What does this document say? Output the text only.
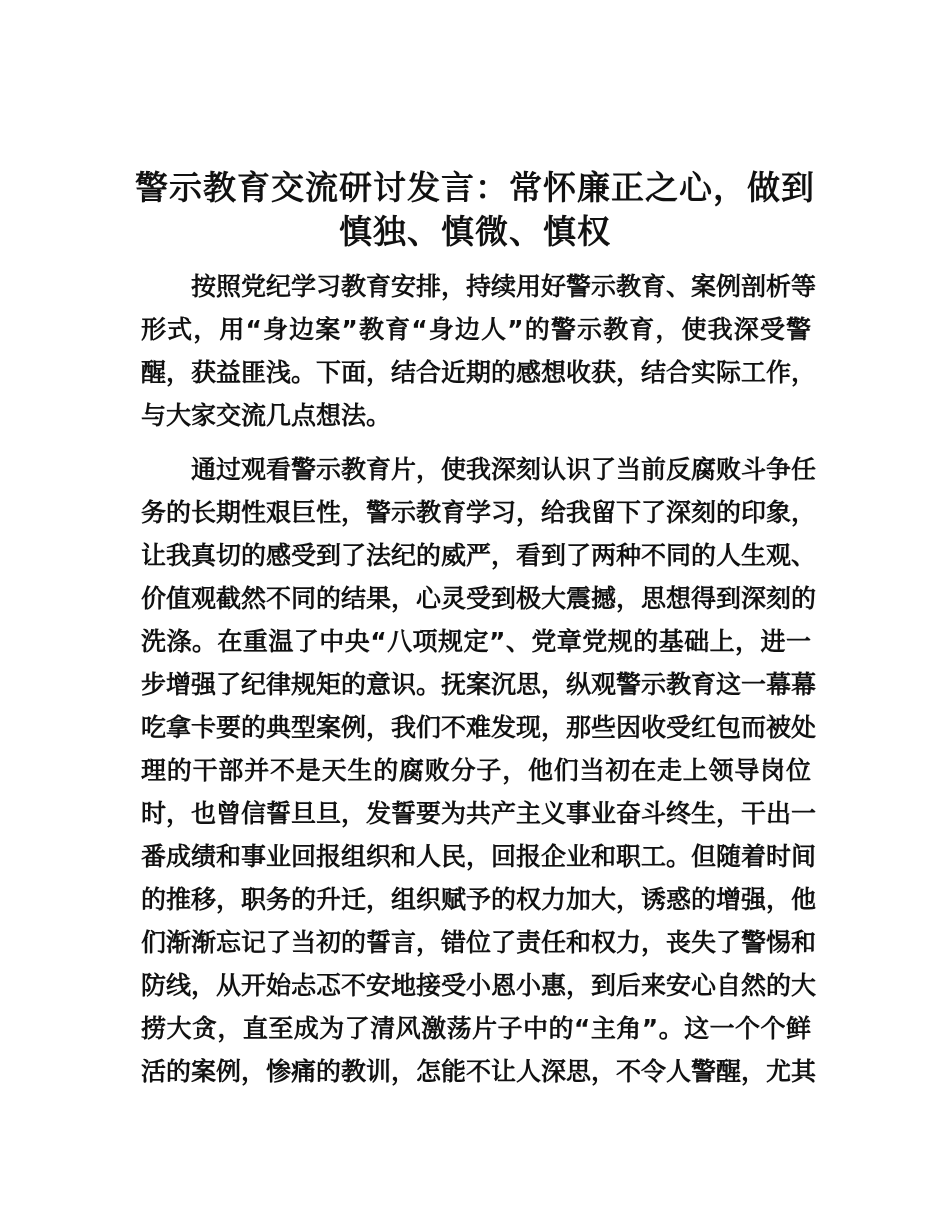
警示教育交流研讨发言：常怀廉正之心，做到
慎独、慎微、慎权
按照党纪学习教育安排，持续用好警示教育、案例剖析等
形式，用“身边案”教育“身边人”的警示教育，使我深受警
醒，获益匪浅。下面，结合近期的感想收获，结合实际工作，
与大家交流几点想法。
通过观看警示教育片，使我深刻认识了当前反腐败斗争任
务的长期性艰巨性，警示教育学习，给我留下了深刻的印象，
让我真切的感受到了法纪的威严，看到了两种不同的人生观、
价值观截然不同的结果，心灵受到极大震撼，思想得到深刻的
洗涤。在重温了中央“八项规定”、党章党规的基础上，进一
步增强了纪律规矩的意识。抚案沉思，纵观警示教育这一幕幕
吃拿卡要的典型案例，我们不难发现，那些因收受红包而被处
理的干部并不是天生的腐败分子，他们当初在走上领导岗位
时，也曾信誓旦旦，发誓要为共产主义事业奋斗终生，干出一
番成绩和事业回报组织和人民，回报企业和职工。但随着时间
的推移，职务的升迁，组织赋予的权力加大，诱惑的增强，他
们渐渐忘记了当初的誓言，错位了责任和权力，丧失了警惕和
防线，从开始忐忑不安地接受小恩小惠，到后来安心自然的大
捞大贪，直至成为了清风激荡片子中的“主角”。这一个个鲜
活的案例，惨痛的教训，怎能不让人深思，不令人警醒，尤其
